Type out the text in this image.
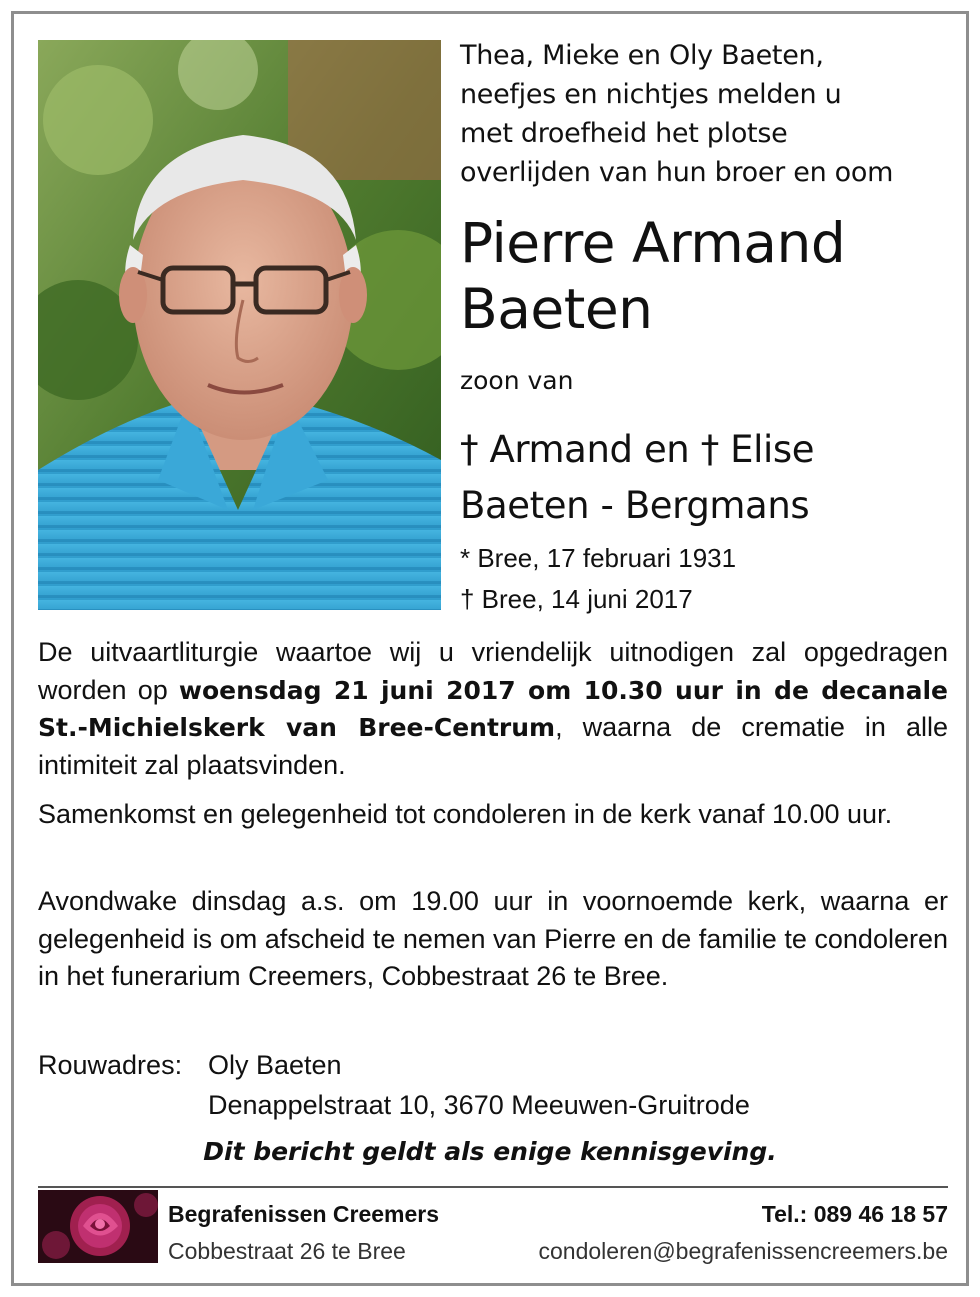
Thea, Mieke en Oly Baeten,
neefjes en nichtjes melden u
met droefheid het plotse
overlijden van hun broer en oom
Pierre Armand
Baeten
zoon van
† Armand en † Elise
Baeten - Bergmans
* Bree, 17 februari 1931
† Bree, 14 juni 2017
De uitvaartliturgie waartoe wij u vriendelijk uitnodigen zal opgedragen worden op woensdag 21 juni 2017 om 10.30 uur in de decanale St.-Michielskerk van Bree-Centrum, waarna de crematie in alle intimiteit zal plaatsvinden.
Samenkomst en gelegenheid tot condoleren in de kerk vanaf 10.00 uur.
Avondwake dinsdag a.s. om 19.00 uur in voornoemde kerk, waarna er gelegenheid is om afscheid te nemen van Pierre en de familie te condoleren in het funerarium Creemers, Cobbestraat 26 te Bree.
Rouwadres: Oly Baeten
Denappelstraat 10, 3670 Meeuwen-Gruitrode
Dit bericht geldt als enige kennisgeving.
Begrafenissen Creemers
Cobbestraat 26 te Bree
Tel.: 089 46 18 57
condoleren@begrafenissencreemers.be
